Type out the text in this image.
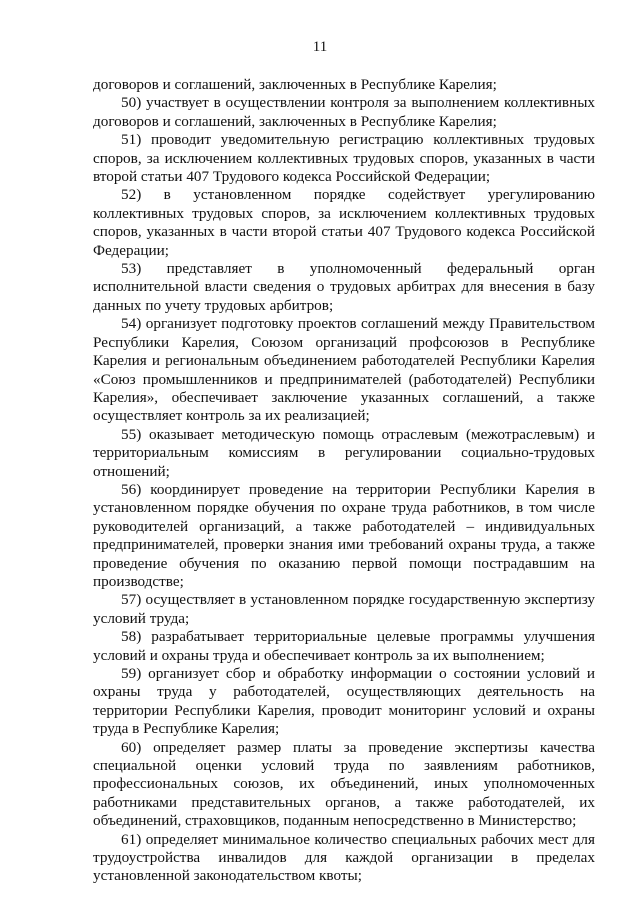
11

договоров и соглашений, заключенных в Республике Карелия;

50) участвует в осуществлении контроля за выполнением коллективных договоров и соглашений, заключенных в Республике Карелия;

51) проводит уведомительную регистрацию коллективных трудовых споров, за исключением коллективных трудовых споров, указанных в части второй статьи 407 Трудового кодекса Российской Федерации;

52) в установленном порядке содействует урегулированию коллективных трудовых споров, за исключением коллективных трудовых споров, указанных в части второй статьи 407 Трудового кодекса Российской Федерации;

53) представляет в уполномоченный федеральный орган исполнительной власти сведения о трудовых арбитрах для внесения в базу данных по учету трудовых арбитров;

54) организует подготовку проектов соглашений между Правительством Республики Карелия, Союзом организаций профсоюзов в Республике Карелия и региональным объединением работодателей Республики Карелия «Союз промышленников и предпринимателей (работодателей) Республики Карелия», обеспечивает заключение указанных соглашений, а также осуществляет контроль за их реализацией;

55) оказывает методическую помощь отраслевым (межотраслевым) и территориальным комиссиям в регулировании социально-трудовых отношений;

56) координирует проведение на территории Республики Карелия в установленном порядке обучения по охране труда работников, в том числе руководителей организаций, а также работодателей – индивидуальных предпринимателей, проверки знания ими требований охраны труда, а также проведение обучения по оказанию первой помощи пострадавшим на производстве;

57) осуществляет в установленном порядке государственную экспертизу условий труда;

58) разрабатывает территориальные целевые программы улучшения условий и охраны труда и обеспечивает контроль за их выполнением;

59) организует сбор и обработку информации о состоянии условий и охраны труда у работодателей, осуществляющих деятельность на территории Республики Карелия, проводит мониторинг условий и охраны труда в Республике Карелия;

60) определяет размер платы за проведение экспертизы качества специальной оценки условий труда по заявлениям работников, профессиональных союзов, их объединений, иных уполномоченных работниками представительных органов, а также работодателей, их объединений, страховщиков, поданным непосредственно в Министерство;

61) определяет минимальное количество специальных рабочих мест для трудоустройства инвалидов для каждой организации в пределах установленной законодательством квоты;
